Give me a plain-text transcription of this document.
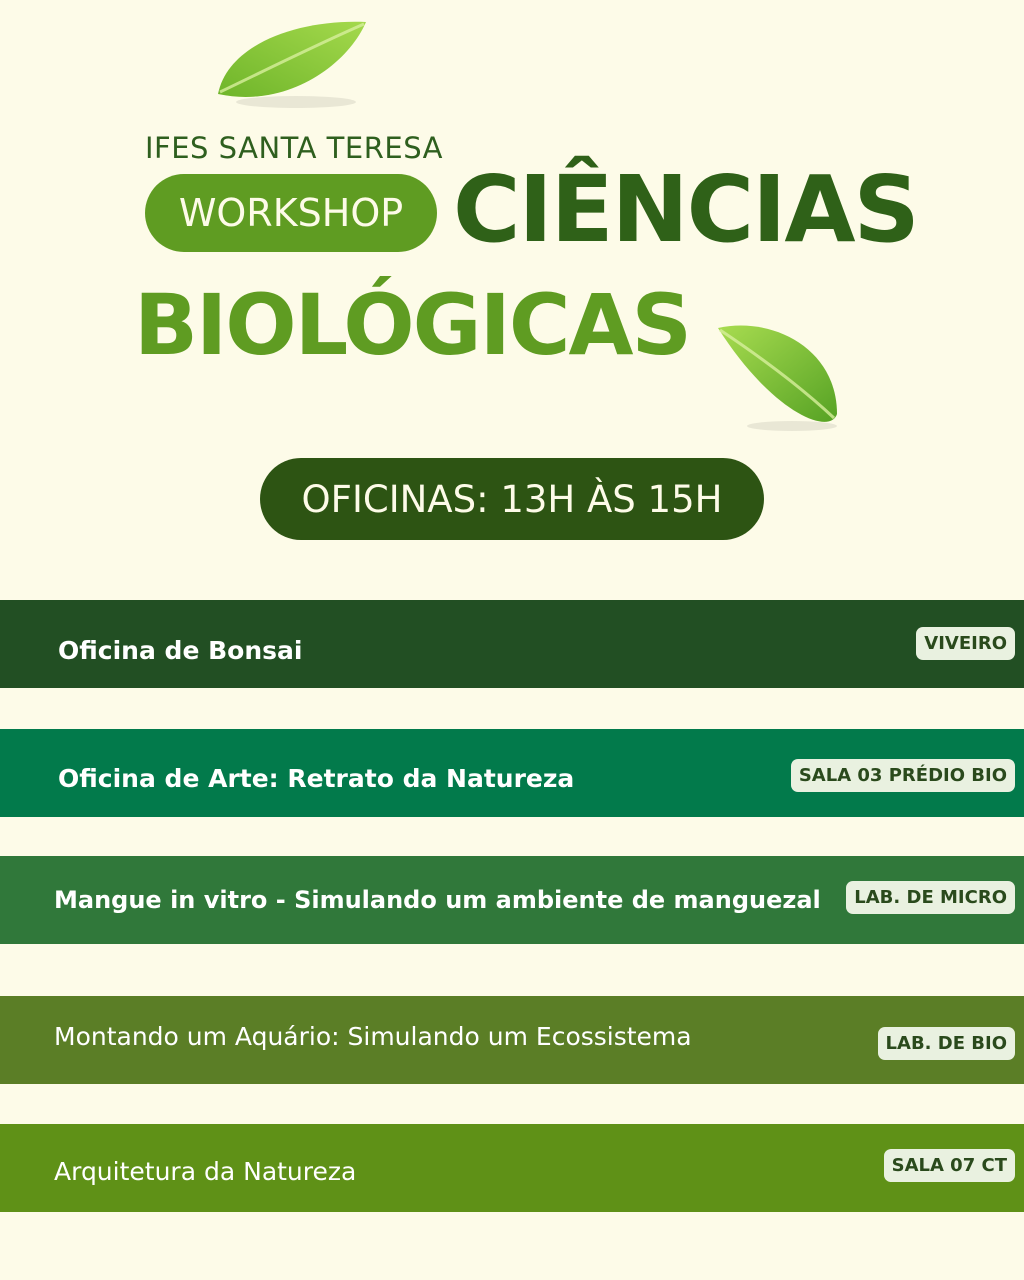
IFES SANTA TERESA
WORKSHOP CIÊNCIAS
BIOLÓGICAS
OFICINAS: 13H ÀS 15H
Oficina de Bonsai	VIVEIRO
Oficina de Arte: Retrato da Natureza	SALA 03 PRÉDIO BIO
Mangue in vitro - Simulando um ambiente de manguezal	LAB. DE MICRO
Montando um Aquário: Simulando um Ecossistema	LAB. DE BIO
Arquitetura da Natureza	SALA 07 CT
